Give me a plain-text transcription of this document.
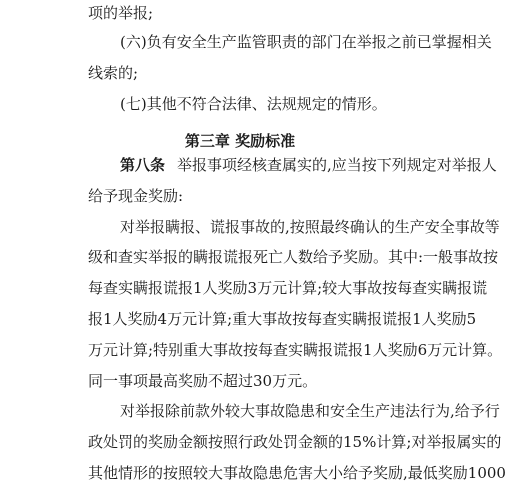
项的举报;
(六)负有安全生产监管职责的部门在举报之前已掌握相关
线索的;
(七)其他不符合法律、法规规定的情形。
第三章 奖励标准
第八条 举报事项经核查属实的,应当按下列规定对举报人
给予现金奖励:
对举报瞒报、谎报事故的,按照最终确认的生产安全事故等
级和查实举报的瞒报谎报死亡人数给予奖励。其中:一般事故按
每查实瞒报谎报1人奖励3万元计算;较大事故按每查实瞒报谎
报1人奖励4万元计算;重大事故按每查实瞒报谎报1人奖励5
万元计算;特别重大事故按每查实瞒报谎报1人奖励6万元计算。
同一事项最高奖励不超过30万元。
对举报除前款外较大事故隐患和安全生产违法行为,给予行
政处罚的奖励金额按照行政处罚金额的15%计算;对举报属实的
其他情形的按照较大事故隐患危害大小给予奖励,最低奖励1000
